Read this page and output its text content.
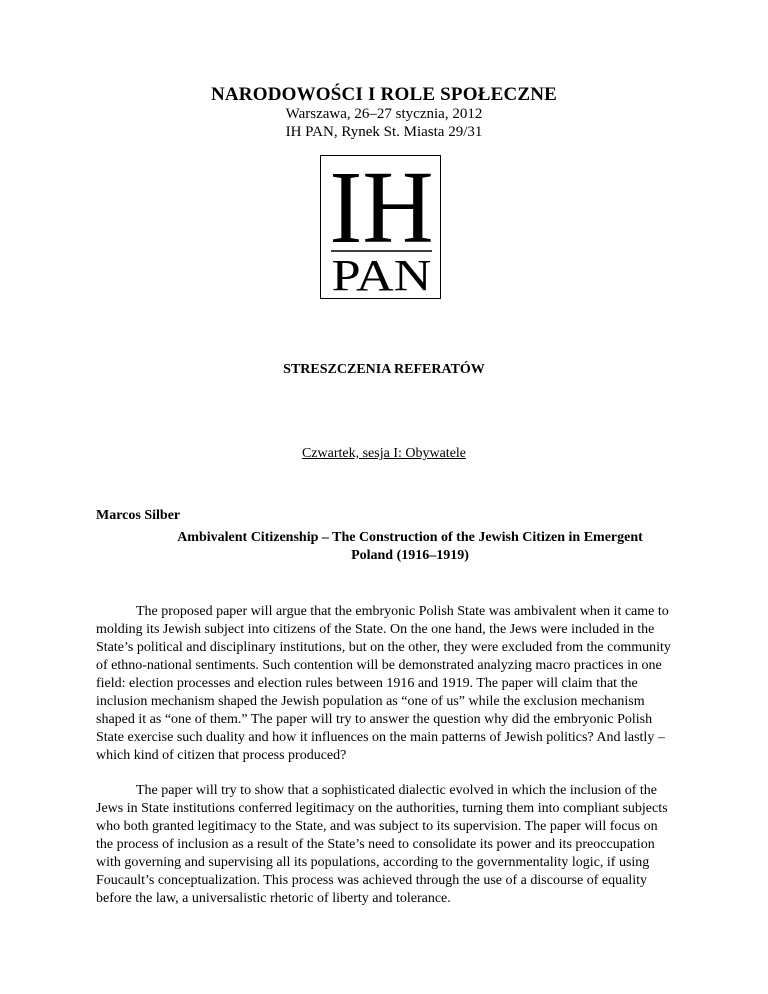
NARODOWOŚCI I ROLE SPOŁECZNE
Warszawa, 26–27 stycznia, 2012
IH PAN, Rynek St. Miasta 29/31
IH
PAN
STRESZCZENIA REFERATÓW
Czwartek, sesja I: Obywatele
Marcos Silber
Ambivalent Citizenship – The Construction of the Jewish Citizen in Emergent
Poland (1916–1919)

The proposed paper will argue that the embryonic Polish State was ambivalent when it came to molding its Jewish subject into citizens of the State. On the one hand, the Jews were included in the State’s political and disciplinary institutions, but on the other, they were excluded from the community of ethno-national sentiments. Such contention will be demonstrated analyzing macro practices in one field: election processes and election rules between 1916 and 1919. The paper will claim that the inclusion mechanism shaped the Jewish population as “one of us” while the exclusion mechanism shaped it as “one of them.” The paper will try to answer the question why did the embryonic Polish State exercise such duality and how it influences on the main patterns of Jewish politics? And lastly – which kind of citizen that process produced?

The paper will try to show that a sophisticated dialectic evolved in which the inclusion of the Jews in State institutions conferred legitimacy on the authorities, turning them into compliant subjects who both granted legitimacy to the State, and was subject to its supervision. The paper will focus on the process of inclusion as a result of the State’s need to consolidate its power and its preoccupation with governing and supervising all its populations, according to the governmentality logic, if using Foucault’s conceptualization. This process was achieved through the use of a discourse of equality before the law, a universalistic rhetoric of liberty and tolerance.
